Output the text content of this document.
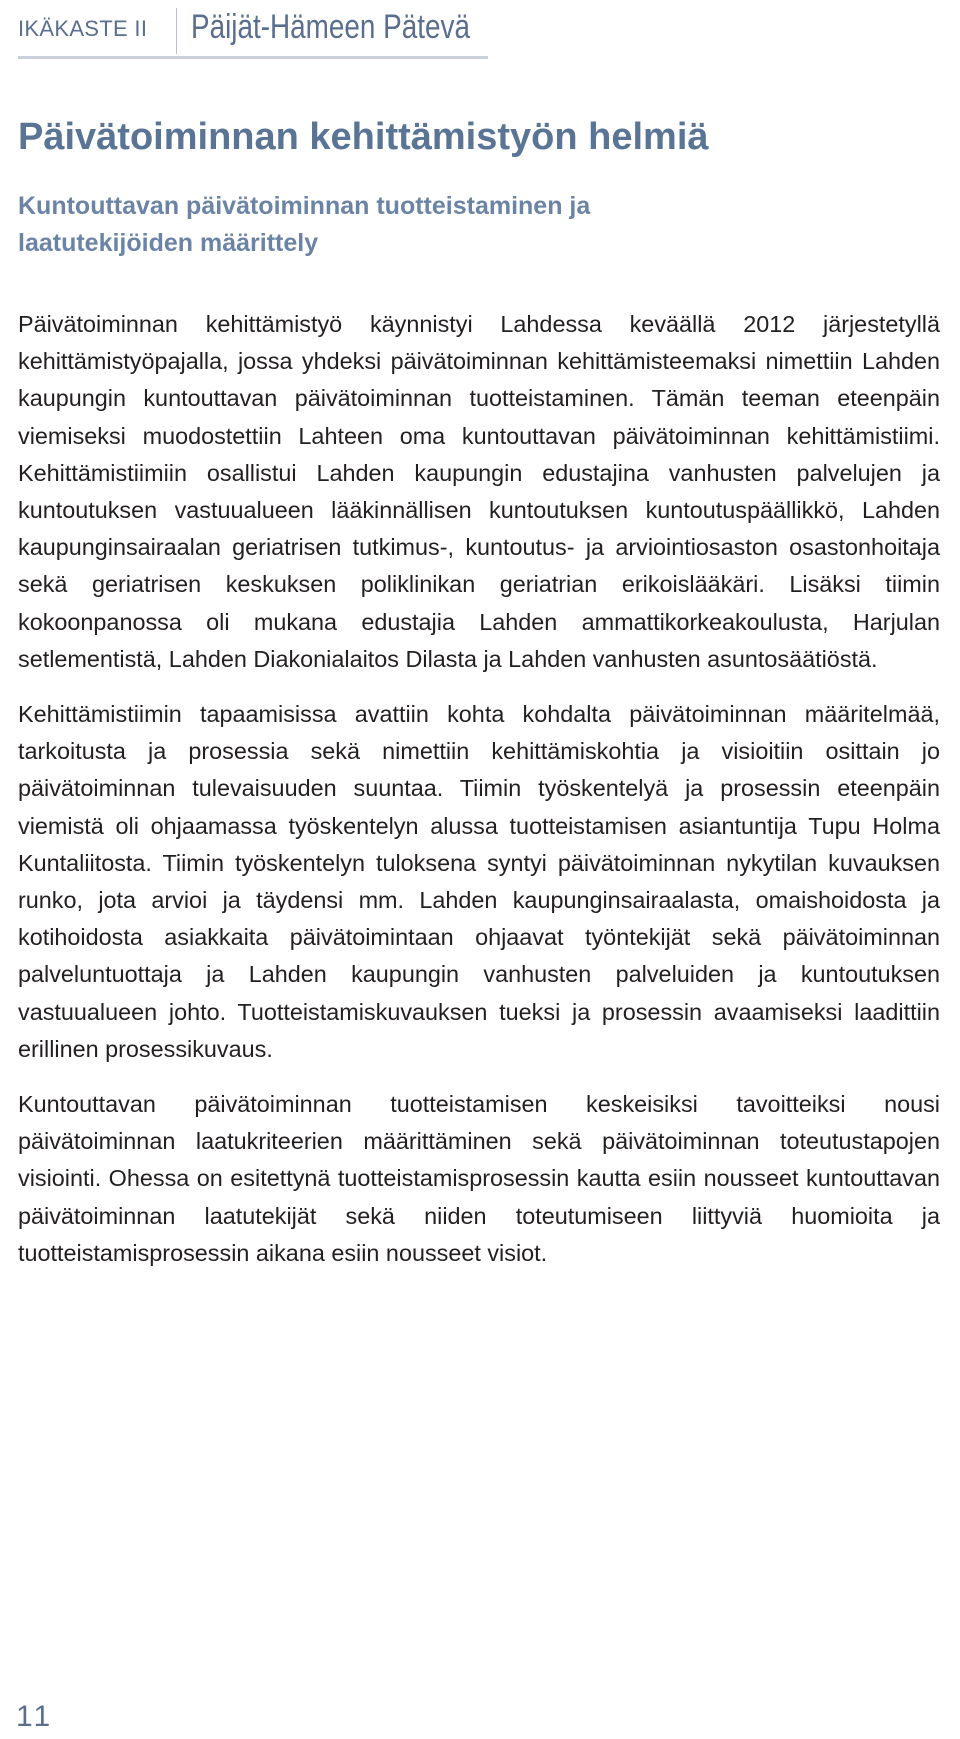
IKÄKASTE II Päijät-Hämeen Pätevä
Päivätoiminnan kehittämistyön helmiä
Kuntouttavan päivätoiminnan tuotteistaminen ja laatutekijöiden määrittely

Päivätoiminnan kehittämistyö käynnistyi Lahdessa keväällä 2012 järjestetyllä kehittämistyöpajalla, jossa yhdeksi päivätoiminnan kehittämisteemaksi nimettiin Lahden kaupungin kuntouttavan päivätoiminnan tuotteistaminen. Tämän teeman eteenpäin viemiseksi muodostettiin Lahteen oma kuntouttavan päivätoiminnan kehittämistiimi. Kehittämistiimiin osallistui Lahden kaupungin edustajina vanhusten palvelujen ja kuntoutuksen vastuualueen lääkinnällisen kuntoutuksen kuntoutuspäällikkö, Lahden kaupunginsairaalan geriatrisen tutkimus-, kuntoutus- ja arviointiosaston osastonhoitaja sekä geriatrisen keskuksen poliklinikan geriatrian erikoislääkäri. Lisäksi tiimin kokoonpanossa oli mukana edustajia Lahden ammattikorkeakoulusta, Harjulan setlementistä, Lahden Diakonialaitos Dilasta ja Lahden vanhusten asuntosäätiöstä.

Kehittämistiimin tapaamisissa avattiin kohta kohdalta päivätoiminnan määritelmää, tarkoitusta ja prosessia sekä nimettiin kehittämiskohtia ja visioitiin osittain jo päivätoiminnan tulevaisuuden suuntaa. Tiimin työskentelyä ja prosessin eteenpäin viemistä oli ohjaamassa työskentelyn alussa tuotteistamisen asiantuntija Tupu Holma Kuntaliitosta. Tiimin työskentelyn tuloksena syntyi päivätoiminnan nykytilan kuvauksen runko, jota arvioi ja täydensi mm. Lahden kaupunginsairaalasta, omaishoidosta ja kotihoidosta asiakkaita päivätoimintaan ohjaavat työntekijät sekä päivätoiminnan palveluntuottaja ja Lahden kaupungin vanhusten palveluiden ja kuntoutuksen vastuualueen johto. Tuotteistamiskuvauksen tueksi ja prosessin avaamiseksi laadittiin erillinen prosessikuvaus.

Kuntouttavan päivätoiminnan tuotteistamisen keskeisiksi tavoitteiksi nousi päivätoiminnan laatukriteerien määrittäminen sekä päivätoiminnan toteutustapojen visiointi. Ohessa on esitettynä tuotteistamisprosessin kautta esiin nousseet kuntouttavan päivätoiminnan laatutekijät sekä niiden toteutumiseen liittyviä huomioita ja tuotteistamisprosessin aikana esiin nousseet visiot.

11
